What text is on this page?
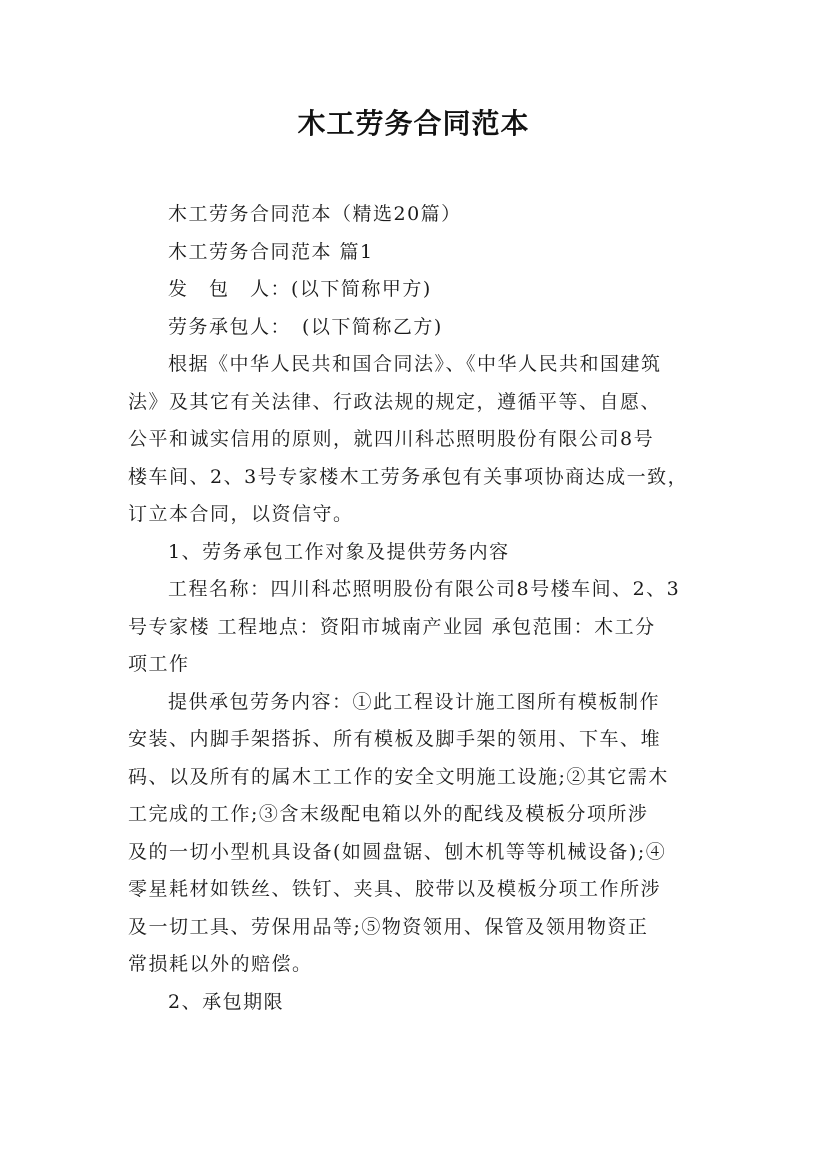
木工劳务合同范本
木工劳务合同范本（精选20篇）
木工劳务合同范本 篇1
发　包　人：(以下简称甲方)
劳务承包人：　(以下简称乙方)
根据《中华人民共和国合同法》、《中华人民共和国建筑
法》及其它有关法律、行政法规的规定，遵循平等、自愿、
公平和诚实信用的原则，就四川科芯照明股份有限公司8号
楼车间、2、3号专家楼木工劳务承包有关事项协商达成一致，
订立本合同，以资信守。
1、劳务承包工作对象及提供劳务内容
工程名称：四川科芯照明股份有限公司8号楼车间、2、3
号专家楼 工程地点：资阳市城南产业园 承包范围：木工分
项工作
提供承包劳务内容：①此工程设计施工图所有模板制作
安装、内脚手架搭拆、所有模板及脚手架的领用、下车、堆
码、以及所有的属木工工作的安全文明施工设施;②其它需木
工完成的工作;③含末级配电箱以外的配线及模板分项所涉
及的一切小型机具设备(如圆盘锯、刨木机等等机械设备);④
零星耗材如铁丝、铁钉、夹具、胶带以及模板分项工作所涉
及一切工具、劳保用品等;⑤物资领用、保管及领用物资正
常损耗以外的赔偿。
2、承包期限
